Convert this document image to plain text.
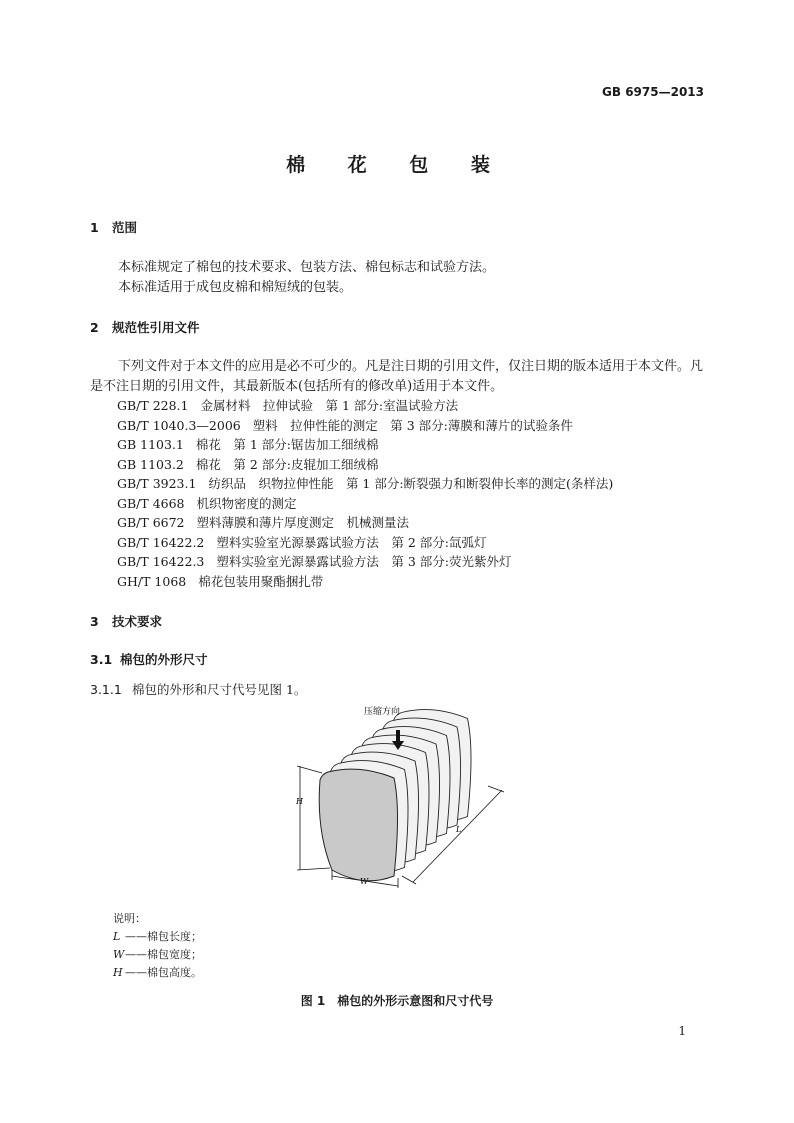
GB 6975—2013
棉 花 包 装
1 范围

本标准规定了棉包的技术要求、包装方法、棉包标志和试验方法。

本标准适用于成包皮棉和棉短绒的包装。

2 规范性引用文件

下列文件对于本文件的应用是必不可少的。凡是注日期的引用文件，仅注日期的版本适用于本文件。凡是不注日期的引用文件，其最新版本(包括所有的修改单)适用于本文件。

GB/T 228.1 金属材料　拉伸试验　第 1 部分:室温试验方法
GB/T 1040.3—2006 塑料　拉伸性能的测定　第 3 部分:薄膜和薄片的试验条件
GB 1103.1 棉花　第 1 部分:锯齿加工细绒棉
GB 1103.2 棉花　第 2 部分:皮辊加工细绒棉
GB/T 3923.1 纺织品　织物拉伸性能　第 1 部分:断裂强力和断裂伸长率的测定(条样法)
GB/T 4668 机织物密度的测定
GB/T 6672 塑料薄膜和薄片厚度测定　机械测量法
GB/T 16422.2 塑料实验室光源暴露试验方法　第 2 部分:氙弧灯
GB/T 16422.3 塑料实验室光源暴露试验方法　第 3 部分:荧光紫外灯
GH/T 1068 棉花包装用聚酯捆扎带
3 技术要求
3.1 棉包的外形尺寸
3.1.1 棉包的外形和尺寸代号见图 1。
压缩方向
H
W
L
说明：
L ——棉包长度；
W——棉包宽度；
H ——棉包高度。
图 1　棉包的外形示意图和尺寸代号
1
